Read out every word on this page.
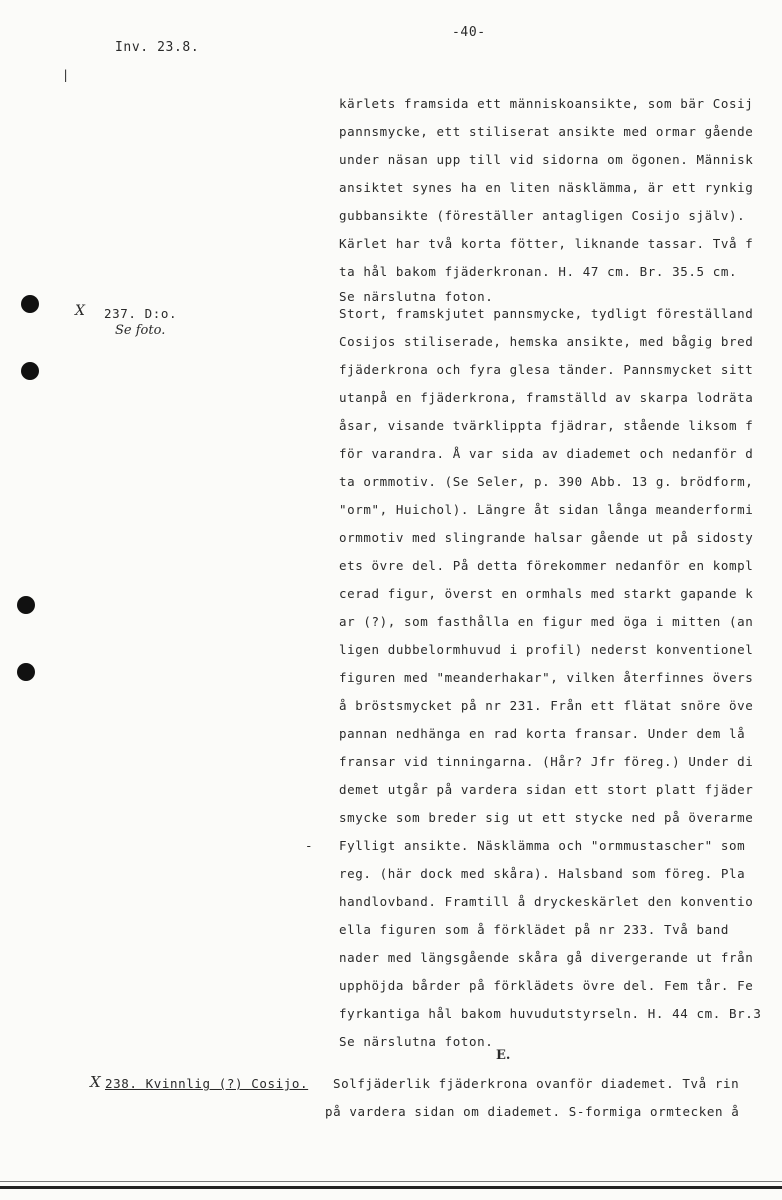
Inv. 23.8.
-40-
|
kärlets framsida ett människoansikte, som bär Cosij
pannsmycke, ett stiliserat ansikte med ormar gående
under näsan upp till vid sidorna om ögonen. Människ
ansiktet synes ha en liten näsklämma, är ett rynkig
gubbansikte (föreställer antagligen Cosijo själv).
Kärlet har två korta fötter, liknande tassar. Två f
ta hål bakom fjäderkronan. H. 47 cm. Br. 35.5 cm.
Se närslutna foton.
X 237. D:o.
Se foto.
Stort, framskjutet pannsmycke, tydligt föreställand
Cosijos stiliserade, hemska ansikte, med bågig bred
fjäderkrona och fyra glesa tänder. Pannsmycket sitt
utanpå en fjäderkrona, framställd av skarpa lodräta
åsar, visande tvärklippta fjädrar, stående liksom f
för varandra. Å var sida av diademet och nedanför d
ta ormmotiv. (Se Seler, p. 390 Abb. 13 g. brödform,
"orm", Huichol). Längre åt sidan långa meanderformi
ormmotiv med slingrande halsar gående ut på sidosty
ets övre del. På detta förekommer nedanför en kompl
cerad figur, överst en ormhals med starkt gapande k
ar (?), som fasthålla en figur med öga i mitten (an
ligen dubbelormhuvud i profil) nederst konventionel
figuren med "meanderhakar", vilken återfinnes övers
å bröstsmycket på nr 231. Från ett flätat snöre öve
pannan nedhänga en rad korta fransar. Under dem lå
fransar vid tinningarna. (Hår? Jfr föreg.) Under di
demet utgår på vardera sidan ett stort platt fjäder
smycke som breder sig ut ett stycke ned på överarme
Fylligt ansikte. Näsklämma och "ormmustascher" som
reg. (här dock med skåra). Halsband som föreg. Pla
handlovband. Framtill å dryckeskärlet den konventio
ella figuren som å förklädet på nr 233. Två band
nader med längsgående skåra gå divergerande ut från
upphöjda bårder på förklädets övre del. Fem tår. Fe
fyrkantiga hål bakom huvudutstyrseln. H. 44 cm. Br.3
Se närslutna foton.
-
E.
X 238. Kvinnlig (?) Cosijo. Solfjäderlik fjäderkrona ovanför diademet. Två rin
på vardera sidan om diademet. S-formiga ormtecken å
